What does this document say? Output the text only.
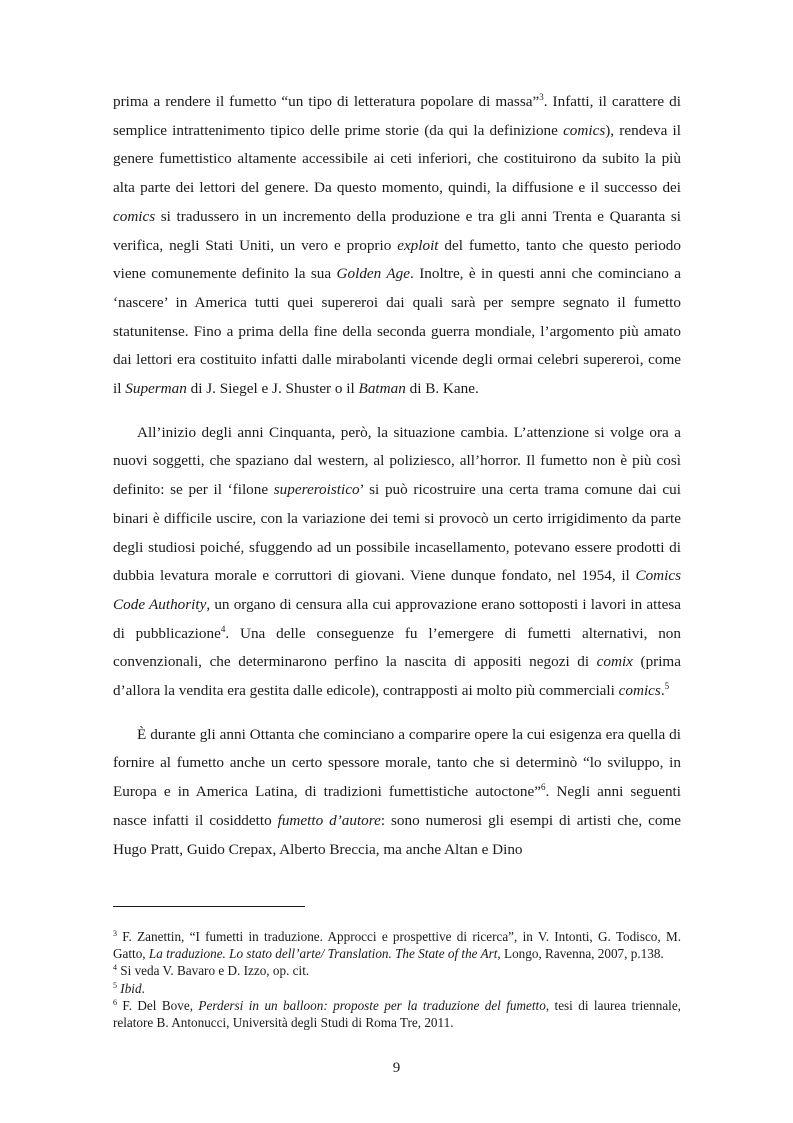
prima a rendere il fumetto “un tipo di letteratura popolare di massa”$^3$. Infatti, il carattere di semplice intrattenimento tipico delle prime storie (da qui la definizione comics), rendeva il genere fumettistico altamente accessibile ai ceti inferiori, che costituirono da subito la più alta parte dei lettori del genere. Da questo momento, quindi, la diffusione e il successo dei comics si tradussero in un incremento della produzione e tra gli anni Trenta e Quaranta si verifica, negli Stati Uniti, un vero e proprio exploit del fumetto, tanto che questo periodo viene comunemente definito la sua Golden Age. Inoltre, è in questi anni che cominciano a ‘nascere’ in America tutti quei supereroi dai quali sarà per sempre segnato il fumetto statunitense. Fino a prima della fine della seconda guerra mondiale, l’argomento più amato dai lettori era costituito infatti dalle mirabolanti vicende degli ormai celebri supereroi, come il Superman di J. Siegel e J. Shuster o il Batman di B. Kane.

All’inizio degli anni Cinquanta, però, la situazione cambia. L’attenzione si volge ora a nuovi soggetti, che spaziano dal western, al poliziesco, all’horror. Il fumetto non è più così definito: se per il ‘filone supereroistico’ si può ricostruire una certa trama comune dai cui binari è difficile uscire, con la variazione dei temi si provocò un certo irrigidimento da parte degli studiosi poiché, sfuggendo ad un possibile incasellamento, potevano essere prodotti di dubbia levatura morale e corruttori di giovani. Viene dunque fondato, nel 1954, il Comics Code Authority, un organo di censura alla cui approvazione erano sottoposti i lavori in attesa di pubblicazione$^4$. Una delle conseguenze fu l’emergere di fumetti alternativi, non convenzionali, che determinarono perfino la nascita di appositi negozi di comix (prima d’allora la vendita era gestita dalle edicole), contrapposti ai molto più commerciali comics.$^5$

È durante gli anni Ottanta che cominciano a comparire opere la cui esigenza era quella di fornire al fumetto anche un certo spessore morale, tanto che si determinò “lo sviluppo, in Europa e in America Latina, di tradizioni fumettistiche autoctone”$^6$. Negli anni seguenti nasce infatti il cosiddetto fumetto d’autore: sono numerosi gli esempi di artisti che, come Hugo Pratt, Guido Crepax, Alberto Breccia, ma anche Altan e Dino

$^3$ F. Zanettin, “I fumetti in traduzione. Approcci e prospettive di ricerca”, in V. Intonti, G. Todisco, M. Gatto, La traduzione. Lo stato dell’arte/ Translation. The State of the Art, Longo, Ravenna, 2007, p.138.

$^4$ Si veda V. Bavaro e D. Izzo, op. cit.

$^5$ Ibid.

$^6$ F. Del Bove, Perdersi in un balloon: proposte per la traduzione del fumetto, tesi di laurea triennale, relatore B. Antonucci, Università degli Studi di Roma Tre, 2011.

9
